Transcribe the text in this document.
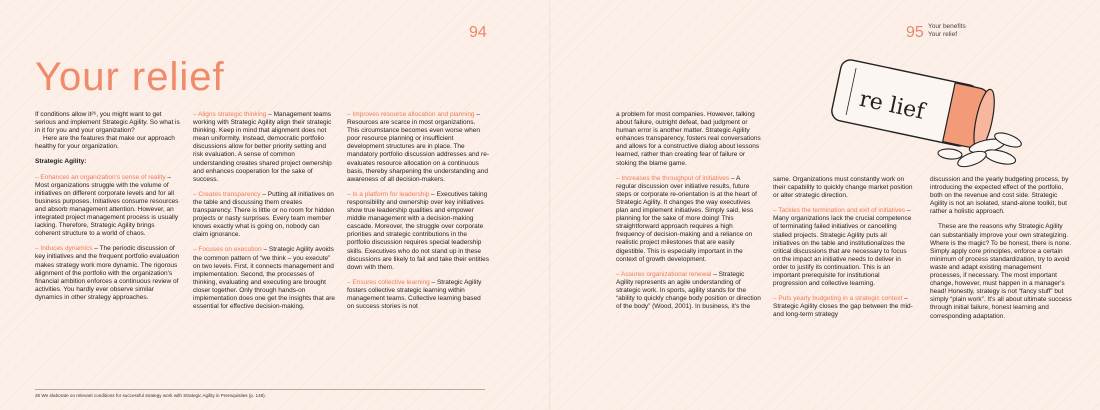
94
Your relief

If conditions allow it²⁶, you might want to get serious and implement Strategic Agility. So what is in it for you and your organization?

Here are the features that make our approach healthy for your organization.

Strategic Agility:

– Enhances an organization's sense of reality – Most organizations struggle with the volume of initiatives on different corporate levels and for all business purposes. Initiatives consume resources and absorb management attention. However, an integrated project management process is usually lacking. Therefore, Strategic Agility brings coherent structure to a world of chaos.

– Induces dynamics – The periodic discussion of key initiatives and the frequent portfolio evaluation makes strategy work more dynamic. The rigorous alignment of the portfolio with the organization's financial ambition enforces a continuous review of activities. You hardly ever observe similar dynamics in other strategy approaches.

– Aligns strategic thinking – Management teams working with Strategic Agility align their strategic thinking. Keep in mind that alignment does not mean uniformity. Instead, democratic portfolio discussions allow for better priority setting and risk evaluation. A sense of common understanding creates shared project ownership and enhances cooperation for the sake of success.

– Creates transparency – Putting all initiatives on the table and discussing them creates transparency. There is little or no room for hidden projects or nasty surprises. Every team member knows exactly what is going on, nobody can claim ignorance.

– Focuses on execution – Strategic Agility avoids the common pattern of “we think – you execute” on two levels. First, it connects management and implementation. Second, the processes of thinking, evaluating and executing are brought closer together. Only through hands-on implementation does one get the insights that are essential for effective decision-making.

– Improves resource allocation and planning – Resources are scarce in most organizations. This circumstance becomes even worse when poor resource planning or insufficient development structures are in place. The mandatory portfolio discussion addresses and re-evaluates resource allocation on a continuous basis, thereby sharpening the understanding and awareness of all decision-makers.

– Is a platform for leadership – Executives taking responsibility and ownership over key initiatives show true leadership qualities and empower middle management with a decision-making cascade. Moreover, the struggle over corporate priorities and strategic contributions in the portfolio discussion requires special leadership skills. Executives who do not stand up in these discussions are likely to fail and take their entities down with them.

– Ensures collective learning – Strategic Agility fosters collective strategic learning within management teams. Collective learning based on success stories is not

26 We elaborate on relevant conditions for successful strategy work with Strategic Agility in Prerequisites (p. 148).
95 Your benefits
Your relief
re lief

a problem for most companies. However, talking about failure, outright defeat, bad judgment or human error is another matter. Strategic Agility enhances transparency, fosters real conversations and allows for a constructive dialog about lessons learned, rather than creating fear of failure or stoking the blame game.

– Increases the throughput of initiatives – A regular discussion over initiative results, future steps or corporate re-orientation is at the heart of Strategic Agility. It changes the way executives plan and implement initiatives. Simply said, less planning for the sake of more doing! This straightforward approach requires a high frequency of decision-making and a reliance on realistic project milestones that are easily digestible. This is especially important in the context of growth development.

– Assures organizational renewal – Strategic Agility represents an agile understanding of strategic work. In sports, agility stands for the “ability to quickly change body position or direction of the body” (Wood, 2001). In business, it's the

same. Organizations must constantly work on their capability to quickly change market position or alter strategic direction.

– Tackles the termination and exit of initiatives – Many organizations lack the crucial competence of terminating failed initiatives or cancelling stalled projects. Strategic Agility puts all initiatives on the table and institutionalizes the critical discussions that are necessary to focus on the impact an initiative needs to deliver in order to justify its continuation. This is an important prerequisite for institutional progression and collective learning.

– Puts yearly budgeting in a strategic context – Strategic Agility closes the gap between the mid- and long-term strategy

discussion and the yearly budgeting process, by introducing the expected effect of the portfolio, both on the revenue and cost side. Strategic Agility is not an isolated, stand-alone toolkit, but rather a holistic approach.

These are the reasons why Strategic Agility can substantially improve your own strategizing. Where is the magic? To be honest, there is none. Simply apply core principles, enforce a certain minimum of process standardization, try to avoid waste and adapt existing management processes, if necessary. The most important change, however, must happen in a manager's head! Honestly, strategy is not “fancy stuff” but simply “plain work”. It's all about ultimate success through initial failure, honest learning and corresponding adaptation.
